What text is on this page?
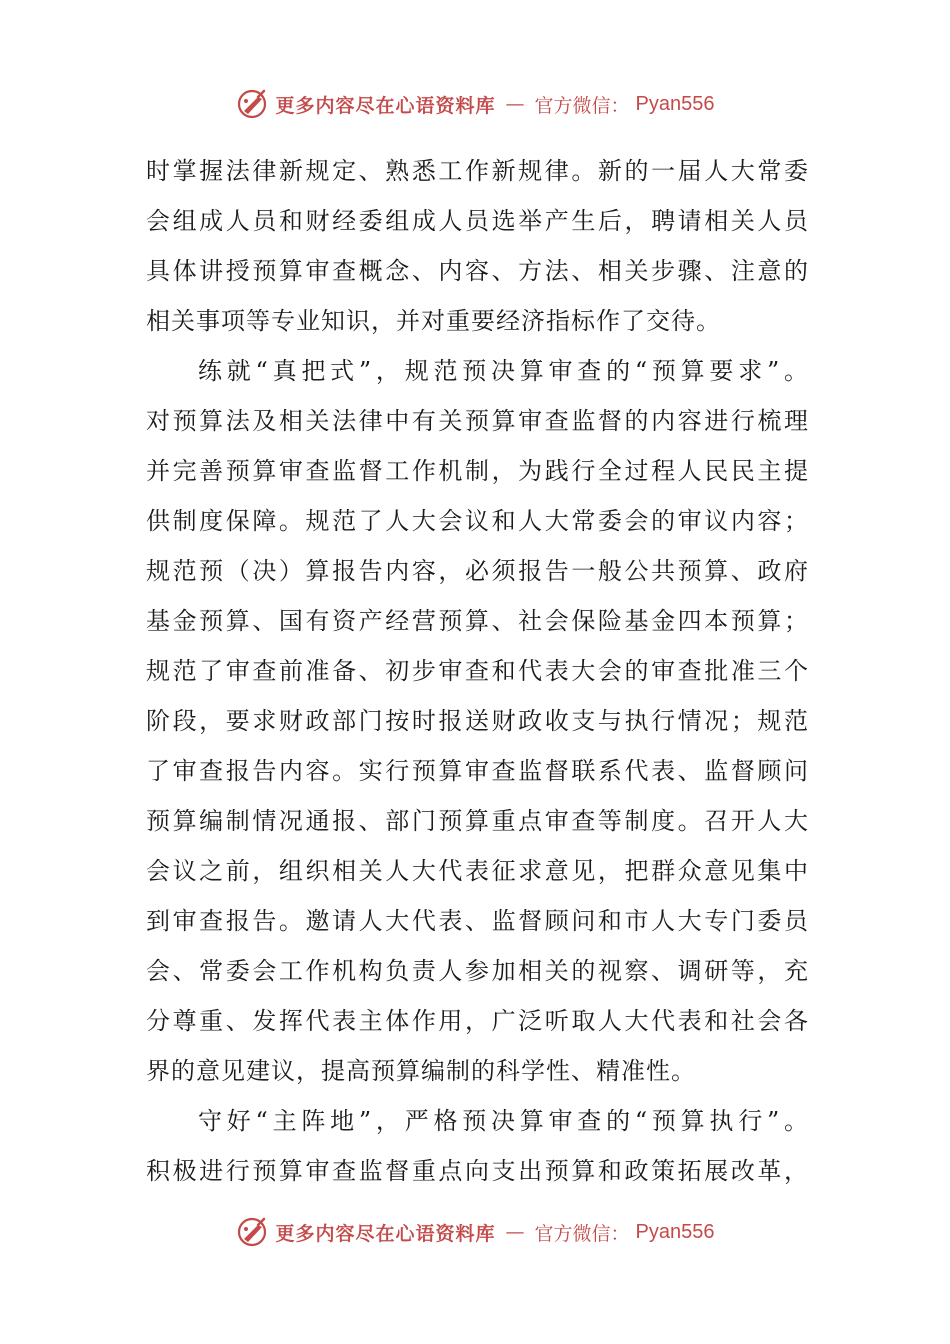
更多内容尽在心语资料库 — 官方微信： Pyan556
时掌握法律新规定、熟悉工作新规律。新的一届人大常委
会组成人员和财经委组成人员选举产生后，聘请相关人员
具体讲授预算审查概念、内容、方法、相关步骤、注意的
相关事项等专业知识，并对重要经济指标作了交待。
练就“真把式”，规范预决算审查的“预算要求”。
对预算法及相关法律中有关预算审查监督的内容进行梳理
并完善预算审查监督工作机制，为践行全过程人民民主提
供制度保障。规范了人大会议和人大常委会的审议内容；
规范预（决）算报告内容，必须报告一般公共预算、政府
基金预算、国有资产经营预算、社会保险基金四本预算；
规范了审查前准备、初步审查和代表大会的审查批准三个
阶段，要求财政部门按时报送财政收支与执行情况；规范
了审查报告内容。实行预算审查监督联系代表、监督顾问
预算编制情况通报、部门预算重点审查等制度。召开人大
会议之前，组织相关人大代表征求意见，把群众意见集中
到审查报告。邀请人大代表、监督顾问和市人大专门委员
会、常委会工作机构负责人参加相关的视察、调研等，充
分尊重、发挥代表主体作用，广泛听取人大代表和社会各
界的意见建议，提高预算编制的科学性、精准性。
守好“主阵地”，严格预决算审查的“预算执行”。
积极进行预算审查监督重点向支出预算和政策拓展改革，
更多内容尽在心语资料库 — 官方微信： Pyan556
